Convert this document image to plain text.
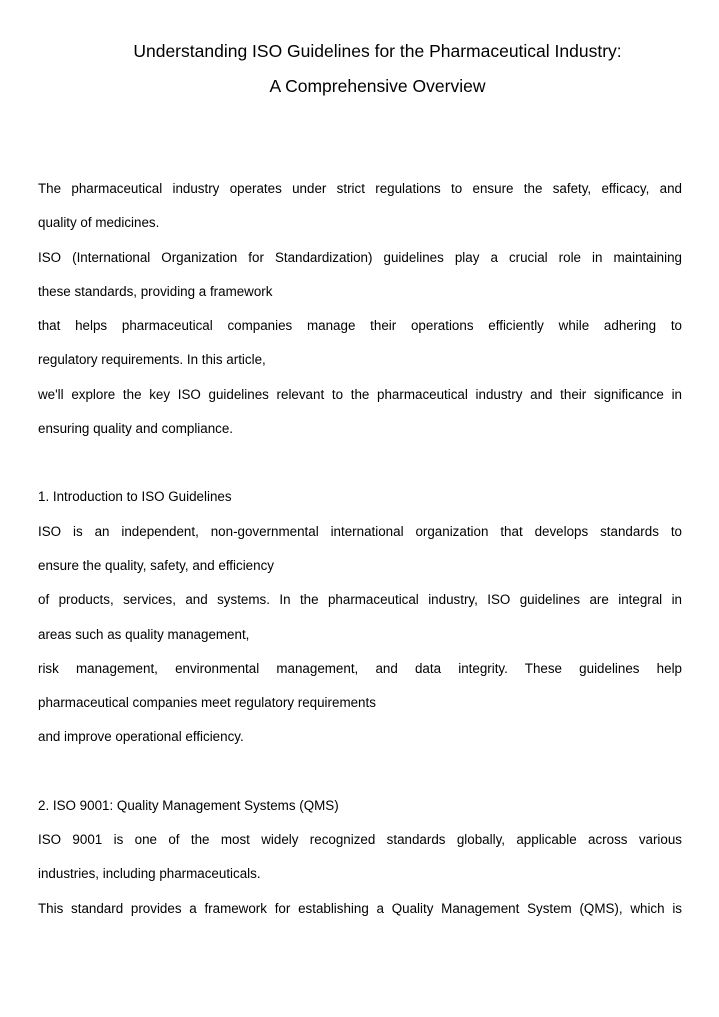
Understanding ISO Guidelines for the Pharmaceutical Industry:
A Comprehensive Overview
The pharmaceutical industry operates under strict regulations to ensure the safety, efficacy, and
quality of medicines.
ISO (International Organization for Standardization) guidelines play a crucial role in maintaining
these standards, providing a framework
that helps pharmaceutical companies manage their operations efficiently while adhering to
regulatory requirements. In this article,
we'll explore the key ISO guidelines relevant to the pharmaceutical industry and their significance in
ensuring quality and compliance.
1. Introduction to ISO Guidelines
ISO is an independent, non-governmental international organization that develops standards to
ensure the quality, safety, and efficiency
of products, services, and systems. In the pharmaceutical industry, ISO guidelines are integral in
areas such as quality management,
risk management, environmental management, and data integrity. These guidelines help
pharmaceutical companies meet regulatory requirements
and improve operational efficiency.
2. ISO 9001: Quality Management Systems (QMS)
ISO 9001 is one of the most widely recognized standards globally, applicable across various
industries, including pharmaceuticals.
This standard provides a framework for establishing a Quality Management System (QMS), which is
